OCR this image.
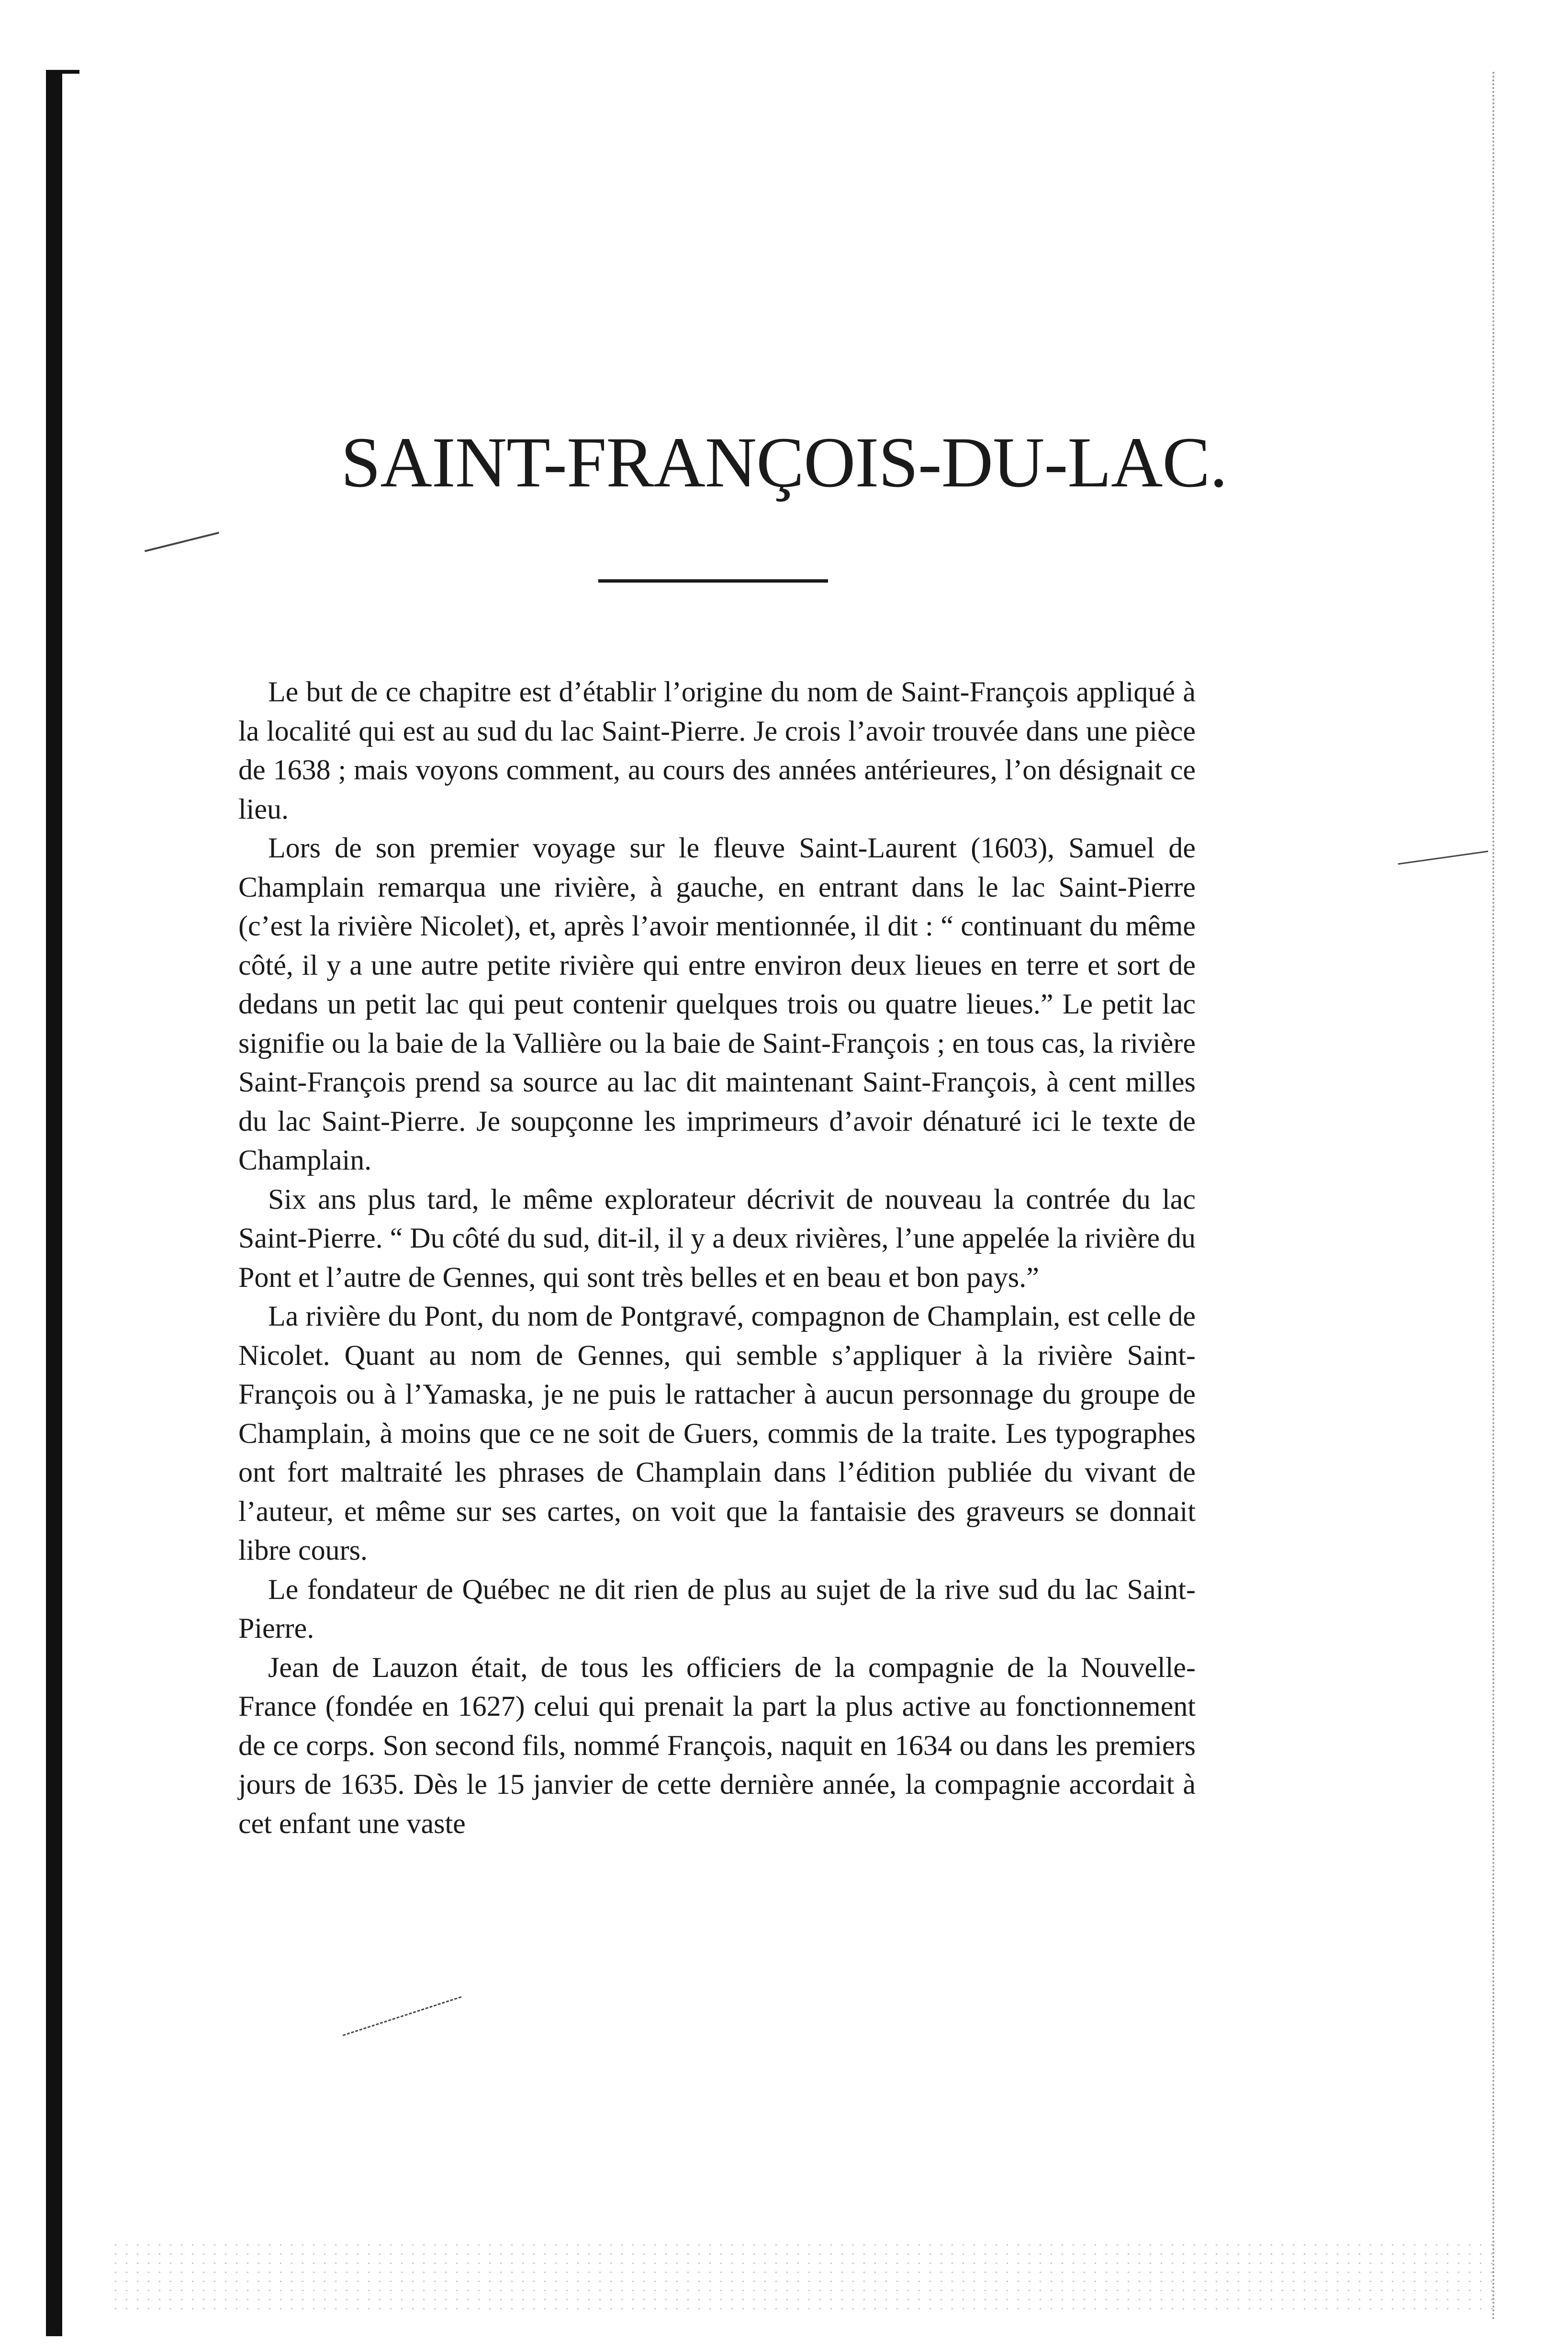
SAINT-FRANÇOIS-DU-LAC.

Le but de ce chapitre est d’établir l’origine du nom de Saint-François appliqué à la localité qui est au sud du lac Saint-Pierre. Je crois l’avoir trouvée dans une pièce de 1638 ; mais voyons comment, au cours des années antérieures, l’on désignait ce lieu.

Lors de son premier voyage sur le fleuve Saint-Laurent (1603), Samuel de Champlain remarqua une rivière, à gauche, en entrant dans le lac Saint-Pierre (c’est la rivière Nicolet), et, après l’avoir mentionnée, il dit : “ continuant du même côté, il y a une autre petite rivière qui entre environ deux lieues en terre et sort de dedans un petit lac qui peut contenir quelques trois ou quatre lieues.” Le petit lac signifie ou la baie de la Vallière ou la baie de Saint-François ; en tous cas, la rivière Saint-François prend sa source au lac dit maintenant Saint-François, à cent milles du lac Saint-Pierre. Je soupçonne les imprimeurs d’avoir dénaturé ici le texte de Champlain.

Six ans plus tard, le même explorateur décrivit de nouveau la contrée du lac Saint-Pierre. “ Du côté du sud, dit-il, il y a deux rivières, l’une appelée la rivière du Pont et l’autre de Gennes, qui sont très belles et en beau et bon pays.”

La rivière du Pont, du nom de Pontgravé, compagnon de Champlain, est celle de Nicolet. Quant au nom de Gennes, qui semble s’appliquer à la rivière Saint-François ou à l’Yamaska, je ne puis le rattacher à aucun personnage du groupe de Champlain, à moins que ce ne soit de Guers, commis de la traite. Les typographes ont fort maltraité les phrases de Champlain dans l’édition publiée du vivant de l’auteur, et même sur ses cartes, on voit que la fantaisie des graveurs se donnait libre cours.

Le fondateur de Québec ne dit rien de plus au sujet de la rive sud du lac Saint-Pierre.

Jean de Lauzon était, de tous les officiers de la compagnie de la Nouvelle-France (fondée en 1627) celui qui prenait la part la plus active au fonctionnement de ce corps. Son second fils, nommé François, naquit en 1634 ou dans les premiers jours de 1635. Dès le 15 janvier de cette dernière année, la compagnie accordait à cet enfant une vaste
